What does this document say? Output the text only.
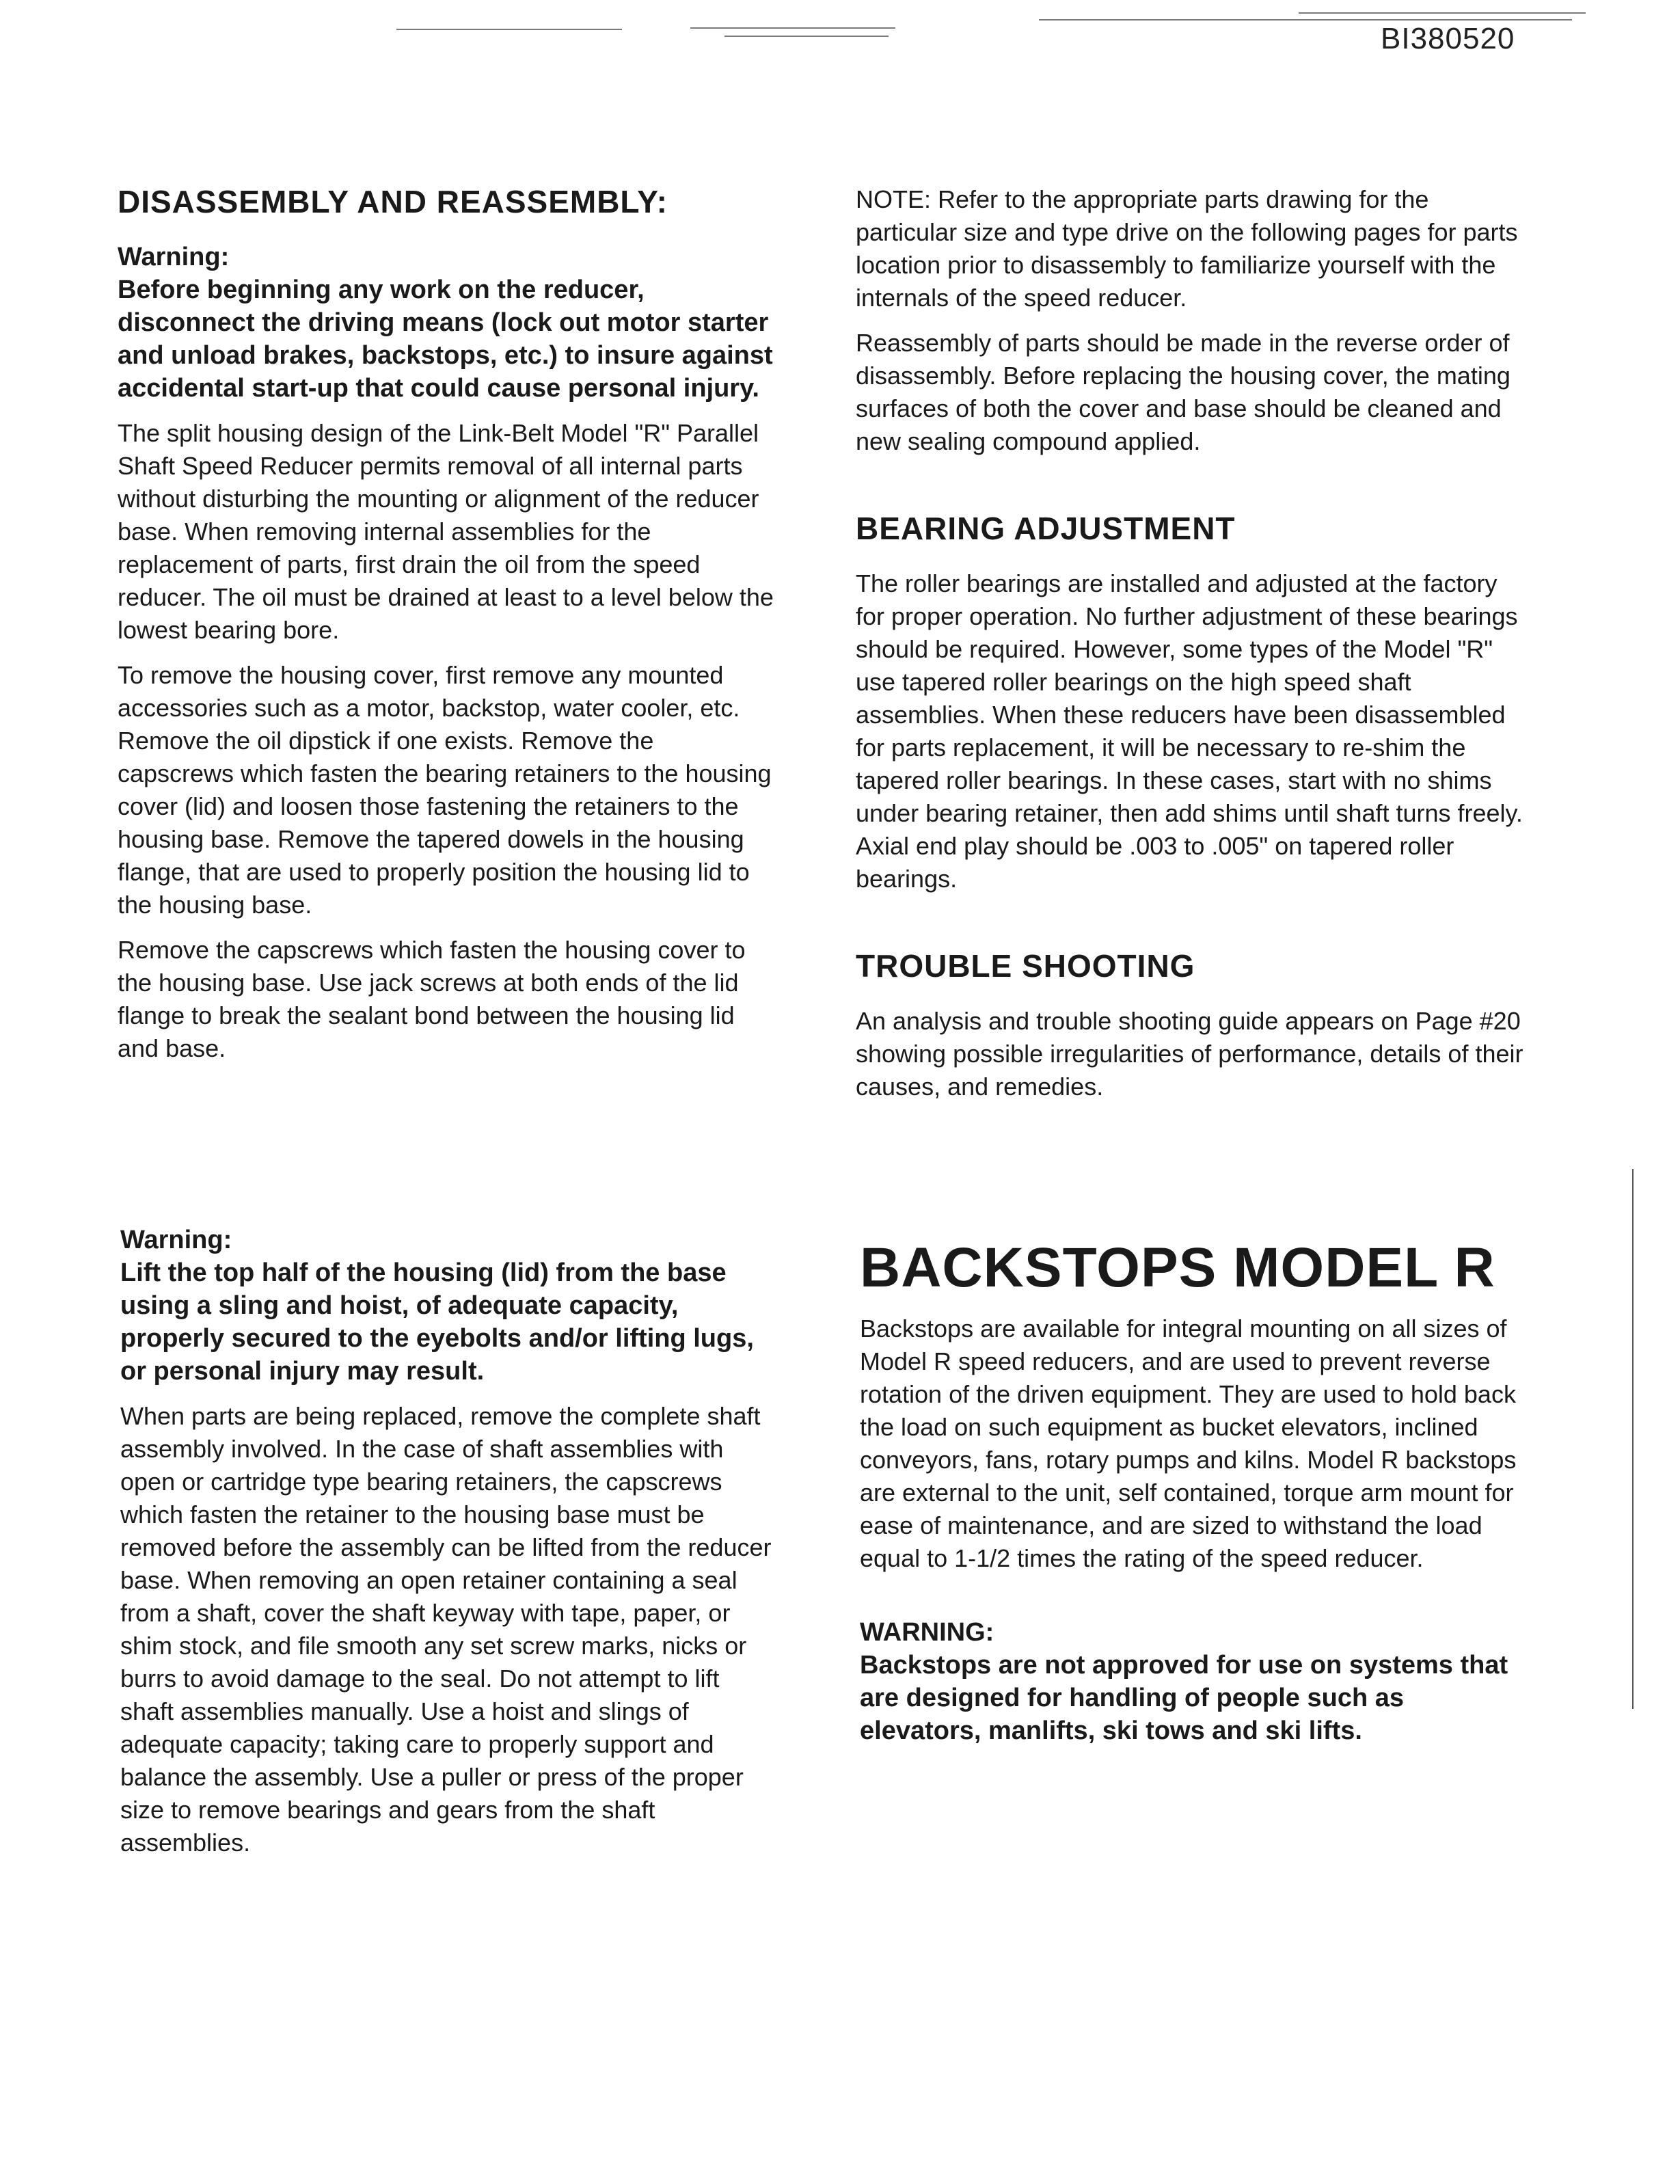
BI380520
DISASSEMBLY AND REASSEMBLY:
Warning:
Before beginning any work on the reducer, disconnect the driving means (lock out motor starter and unload brakes, backstops, etc.) to insure against accidental start-up that could cause personal injury.

The split housing design of the Link-Belt Model "R" Parallel Shaft Speed Reducer permits removal of all internal parts without disturbing the mounting or alignment of the reducer base. When removing internal assemblies for the replacement of parts, first drain the oil from the speed reducer. The oil must be drained at least to a level below the lowest bearing bore.

To remove the housing cover, first remove any mounted accessories such as a motor, backstop, water cooler, etc. Remove the oil dipstick if one exists. Remove the capscrews which fasten the bearing retainers to the housing cover (lid) and loosen those fastening the retainers to the housing base. Remove the tapered dowels in the housing flange, that are used to properly position the housing lid to the housing base.

Remove the capscrews which fasten the housing cover to the housing base. Use jack screws at both ends of the lid flange to break the sealant bond between the housing lid and base.

Warning:
Lift the top half of the housing (lid) from the base using a sling and hoist, of adequate capacity, properly secured to the eyebolts and/or lifting lugs, or personal injury may result.

When parts are being replaced, remove the complete shaft assembly involved. In the case of shaft assemblies with open or cartridge type bearing retainers, the capscrews which fasten the retainer to the housing base must be removed before the assembly can be lifted from the reducer base. When removing an open retainer containing a seal from a shaft, cover the shaft keyway with tape, paper, or shim stock, and file smooth any set screw marks, nicks or burrs to avoid damage to the seal. Do not attempt to lift shaft assemblies manually. Use a hoist and slings of adequate capacity; taking care to properly support and balance the assembly. Use a puller or press of the proper size to remove bearings and gears from the shaft assemblies.

NOTE: Refer to the appropriate parts drawing for the particular size and type drive on the following pages for parts location prior to disassembly to familiarize yourself with the internals of the speed reducer.

Reassembly of parts should be made in the reverse order of disassembly. Before replacing the housing cover, the mating surfaces of both the cover and base should be cleaned and new sealing compound applied.

BEARING ADJUSTMENT

The roller bearings are installed and adjusted at the factory for proper operation. No further adjustment of these bearings should be required. However, some types of the Model "R" use tapered roller bearings on the high speed shaft assemblies. When these reducers have been disassembled for parts replacement, it will be necessary to re-shim the tapered roller bearings. In these cases, start with no shims under bearing retainer, then add shims until shaft turns freely. Axial end play should be .003 to .005" on tapered roller bearings.

TROUBLE SHOOTING

An analysis and trouble shooting guide appears on Page #20 showing possible irregularities of performance, details of their causes, and remedies.

BACKSTOPS MODEL R

Backstops are available for integral mounting on all sizes of Model R speed reducers, and are used to prevent reverse rotation of the driven equipment. They are used to hold back the load on such equipment as bucket elevators, inclined conveyors, fans, rotary pumps and kilns. Model R backstops are external to the unit, self contained, torque arm mount for ease of maintenance, and are sized to withstand the load equal to 1-1/2 times the rating of the speed reducer.

WARNING:
Backstops are not approved for use on systems that are designed for handling of people such as elevators, manlifts, ski tows and ski lifts.
